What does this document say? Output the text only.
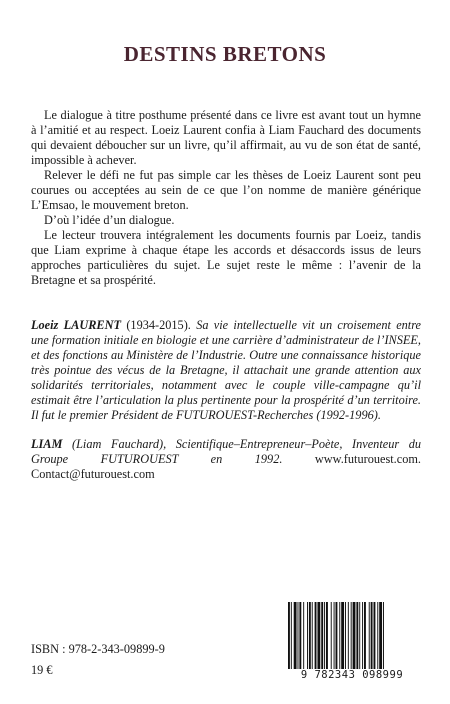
DESTINS BRETONS

Le dialogue à titre posthume présenté dans ce livre est avant tout un hymne à l’amitié et au respect. Loeiz Laurent confia à Liam Fauchard des documents qui devaient déboucher sur un livre, qu’il affirmait, au vu de son état de santé, impossible à achever.

Relever le défi ne fut pas simple car les thèses de Loeiz Laurent sont peu courues ou acceptées au sein de ce que l’on nomme de manière générique L’Emsao, le mouvement breton.

D’où l’idée d’un dialogue.

Le lecteur trouvera intégralement les documents fournis par Loeiz, tandis que Liam exprime à chaque étape les accords et désaccords issus de leurs approches particulières du sujet. Le sujet reste le même : l’avenir de la Bretagne et sa prospérité.

Loeiz LAURENT (1934-2015). Sa vie intellectuelle vit un croisement entre une formation initiale en biologie et une carrière d’administrateur de l’INSEE, et des fonctions au Ministère de l’Industrie. Outre une connaissance historique très pointue des vécus de la Bretagne, il attachait une grande attention aux solidarités territoriales, notamment avec le couple ville-campagne qu’il estimait être l’articulation la plus pertinente pour la prospérité d’un territoire. Il fut le premier Président de FUTUROUEST-Recherches (1992-1996).

LIAM (Liam Fauchard), Scientifique–Entrepreneur–Poète, Inventeur du Groupe FUTUROUEST en 1992.	www.futurouest.com. Contact@futurouest.com

ISBN : 978-2-343-09899-9
19 €	9 782343 098999
